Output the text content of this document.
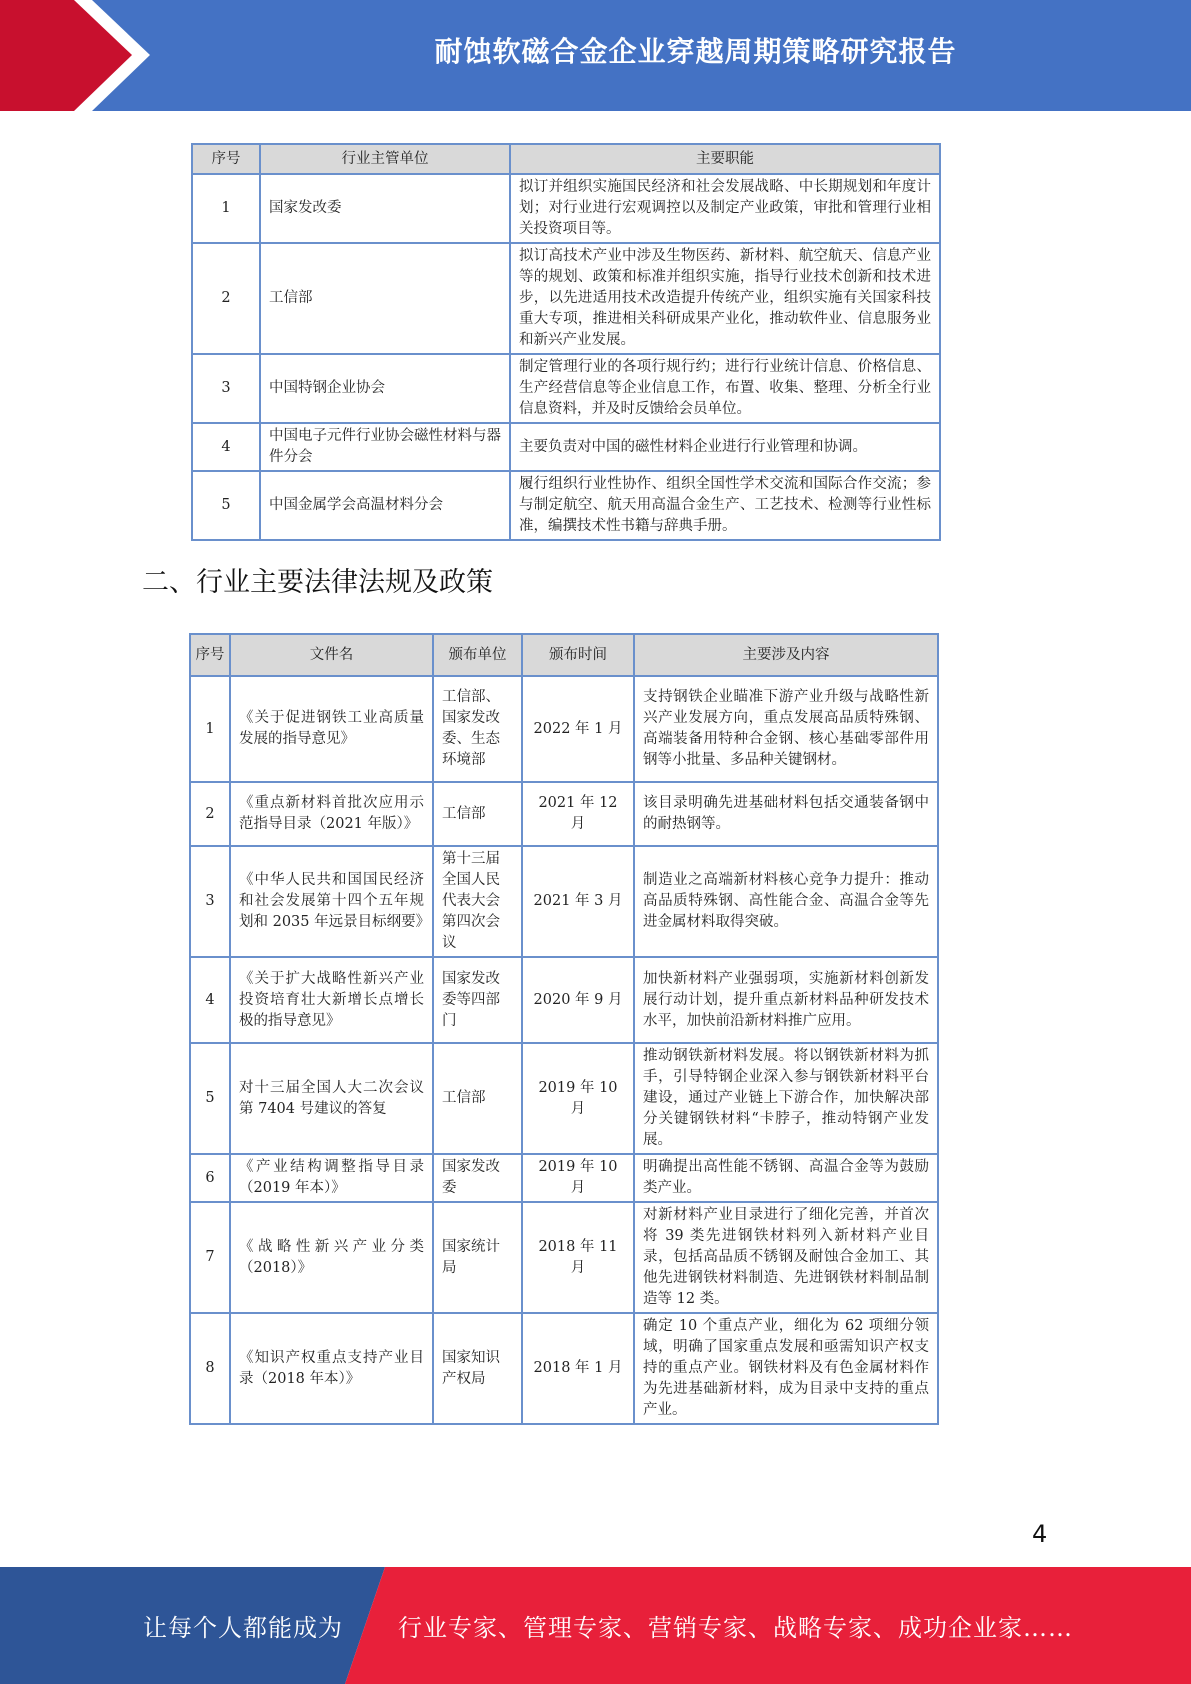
耐蚀软磁合金企业穿越周期策略研究报告
序号	行业主管单位	主要职能
1	国家发改委	拟订并组织实施国民经济和社会发展战略、中长期规划和年度计划；对行业进行宏观调控以及制定产业政策，审批和管理行业相关投资项目等。
2	工信部	拟订高技术产业中涉及生物医药、新材料、航空航天、信息产业等的规划、政策和标准并组织实施，指导行业技术创新和技术进步，以先进适用技术改造提升传统产业，组织实施有关国家科技重大专项，推进相关科研成果产业化，推动软件业、信息服务业和新兴产业发展。
3	中国特钢企业协会	制定管理行业的各项行规行约；进行行业统计信息、价格信息、生产经营信息等企业信息工作，布置、收集、整理、分析全行业信息资料，并及时反馈给会员单位。
4	中国电子元件行业协会磁性材料与器件分会	主要负责对中国的磁性材料企业进行行业管理和协调。
5	中国金属学会高温材料分会	履行组织行业性协作、组织全国性学术交流和国际合作交流；参与制定航空、航天用高温合金生产、工艺技术、检测等行业性标准，编撰技术性书籍与辞典手册。
二、行业主要法律法规及政策
序号	文件名	颁布单位	颁布时间	主要涉及内容
1	《关于促进钢铁工业高质量发展的指导意见》	工信部、国家发改委、生态环境部	2022 年 1 月	支持钢铁企业瞄准下游产业升级与战略性新兴产业发展方向，重点发展高品质特殊钢、高端装备用特种合金钢、核心基础零部件用钢等小批量、多品种关键钢材。
2	《重点新材料首批次应用示范指导目录（2021 年版）》	工信部	2021 年 12 月	该目录明确先进基础材料包括交通装备钢中的耐热钢等。
3	《中华人民共和国国民经济和社会发展第十四个五年规划和 2035 年远景目标纲要》	第十三届全国人民代表大会第四次会议	2021 年 3 月	制造业之高端新材料核心竞争力提升：推动高品质特殊钢、高性能合金、高温合金等先进金属材料取得突破。
4	《关于扩大战略性新兴产业投资培育壮大新增长点增长极的指导意见》	国家发改委等四部门	2020 年 9 月	加快新材料产业强弱项，实施新材料创新发展行动计划，提升重点新材料品种研发技术水平，加快前沿新材料推广应用。
5	对十三届全国人大二次会议第 7404 号建议的答复	工信部	2019 年 10 月	推动钢铁新材料发展。将以钢铁新材料为抓手，引导特钢企业深入参与钢铁新材料平台建设，通过产业链上下游合作，加快解决部分关键钢铁材料“卡脖子，推动特钢产业发展。
6	《产业结构调整指导目录（2019 年本）》	国家发改委	2019 年 10 月	明确提出高性能不锈钢、高温合金等为鼓励类产业。
7	《战略性新兴产业分类（2018）》	国家统计局	2018 年 11 月	对新材料产业目录进行了细化完善，并首次将 39 类先进钢铁材料列入新材料产业目录，包括高品质不锈钢及耐蚀合金加工、其他先进钢铁材料制造、先进钢铁材料制品制造等 12 类。
8	《知识产权重点支持产业目录（2018 年本）》	国家知识产权局	2018 年 1 月	确定 10 个重点产业，细化为 62 项细分领域，明确了国家重点发展和亟需知识产权支持的重点产业。钢铁材料及有色金属材料作为先进基础新材料，成为目录中支持的重点产业。
4
让每个人都能成为 行业专家、管理专家、营销专家、战略专家、成功企业家……
